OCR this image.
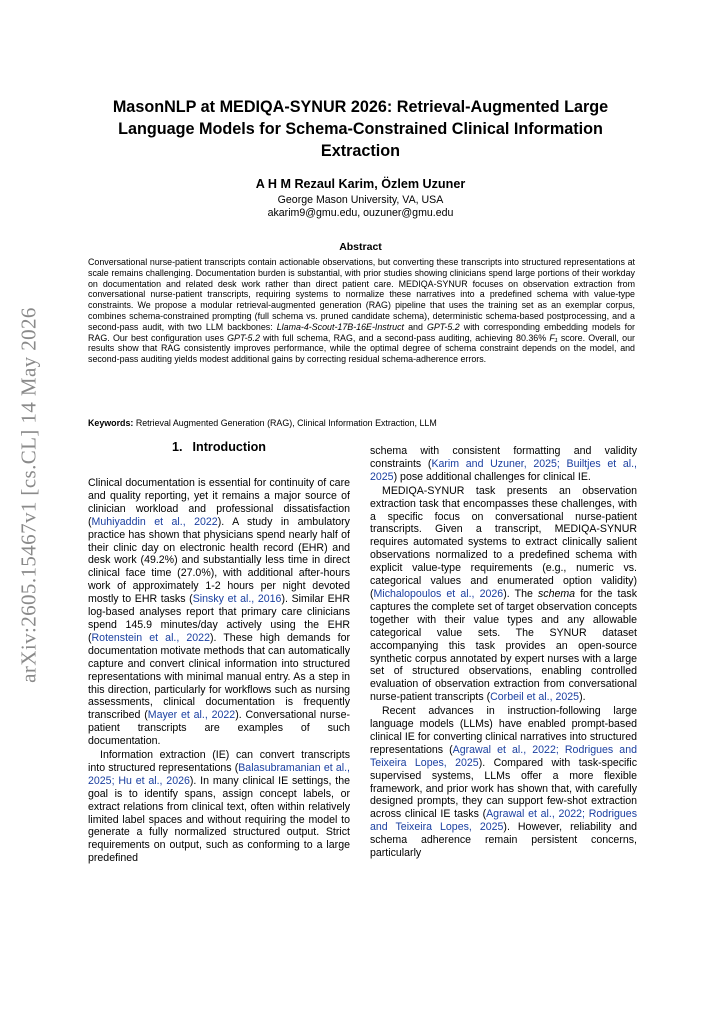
arXiv:2605.15467v1 [cs.CL] 14 May 2026
MasonNLP at MEDIQA-SYNUR 2026: Retrieval-Augmented Large Language Models for Schema-Constrained Clinical Information Extraction

A H M Rezaul Karim, Özlem Uzuner

George Mason University, VA, USA

akarim9@gmu.edu, ouzuner@gmu.edu

Abstract

Conversational nurse-patient transcripts contain actionable observations, but converting these transcripts into structured representations at scale remains challenging. Documentation burden is substantial, with prior studies showing clinicians spend large portions of their workday on documentation and related desk work rather than direct patient care. MEDIQA-SYNUR focuses on observation extraction from conversational nurse-patient transcripts, requiring systems to normalize these narratives into a predefined schema with value-type constraints. We propose a modular retrieval-augmented generation (RAG) pipeline that uses the training set as an exemplar corpus, combines schema-constrained prompting (full schema vs. pruned candidate schema), deterministic schema-based postprocessing, and a second-pass audit, with two LLM backbones: Llama-4-Scout-17B-16E-Instruct and GPT-5.2 with corresponding embedding models for RAG. Our best configuration uses GPT-5.2 with full schema, RAG, and a second-pass auditing, achieving 80.36% F₁ score. Overall, our results show that RAG consistently improves performance, while the optimal degree of schema constraint depends on the model, and second-pass auditing yields modest additional gains by correcting residual schema-adherence errors.

Keywords: Retrieval Augmented Generation (RAG), Clinical Information Extraction, LLM

1. Introduction

Clinical documentation is essential for continuity of care and quality reporting, yet it remains a major source of clinician workload and professional dissatisfaction (Muhiyaddin et al., 2022). A study in ambulatory practice has shown that physicians spend nearly half of their clinic day on electronic health record (EHR) and desk work (49.2%) and substantially less time in direct clinical face time (27.0%), with additional after-hours work of approximately 1-2 hours per night devoted mostly to EHR tasks (Sinsky et al., 2016). Similar EHR log-based analyses report that primary care clinicians spend 145.9 minutes/day actively using the EHR (Rotenstein et al., 2022). These high demands for documentation motivate methods that can automatically capture and convert clinical information into structured representations with minimal manual entry. As a step in this direction, particularly for workflows such as nursing assessments, clinical documentation is frequently transcribed (Mayer et al., 2022). Conversational nurse-patient transcripts are examples of such documentation.

Information extraction (IE) can convert transcripts into structured representations (Balasubramanian et al., 2025; Hu et al., 2026). In many clinical IE settings, the goal is to identify spans, assign concept labels, or extract relations from clinical text, often within relatively limited label spaces and without requiring the model to generate a fully normalized structured output. Strict requirements on output, such as conforming to a large predefined

schema with consistent formatting and validity constraints (Karim and Uzuner, 2025; Builtjes et al., 2025) pose additional challenges for clinical IE.

MEDIQA-SYNUR task presents an observation extraction task that encompasses these challenges, with a specific focus on conversational nurse-patient transcripts. Given a transcript, MEDIQA-SYNUR requires automated systems to extract clinically salient observations normalized to a predefined schema with explicit value-type requirements (e.g., numeric vs. categorical values and enumerated option validity) (Michalopoulos et al., 2026). The schema for the task captures the complete set of target observation concepts together with their value types and any allowable categorical value sets. The SYNUR dataset accompanying this task provides an open-source synthetic corpus annotated by expert nurses with a large set of structured observations, enabling controlled evaluation of observation extraction from conversational nurse-patient transcripts (Corbeil et al., 2025).

Recent advances in instruction-following large language models (LLMs) have enabled prompt-based clinical IE for converting clinical narratives into structured representations (Agrawal et al., 2022; Rodrigues and Teixeira Lopes, 2025). Compared with task-specific supervised systems, LLMs offer a more flexible framework, and prior work has shown that, with carefully designed prompts, they can support few-shot extraction across clinical IE tasks (Agrawal et al., 2022; Rodrigues and Teixeira Lopes, 2025). However, reliability and schema adherence remain persistent concerns, particularly
